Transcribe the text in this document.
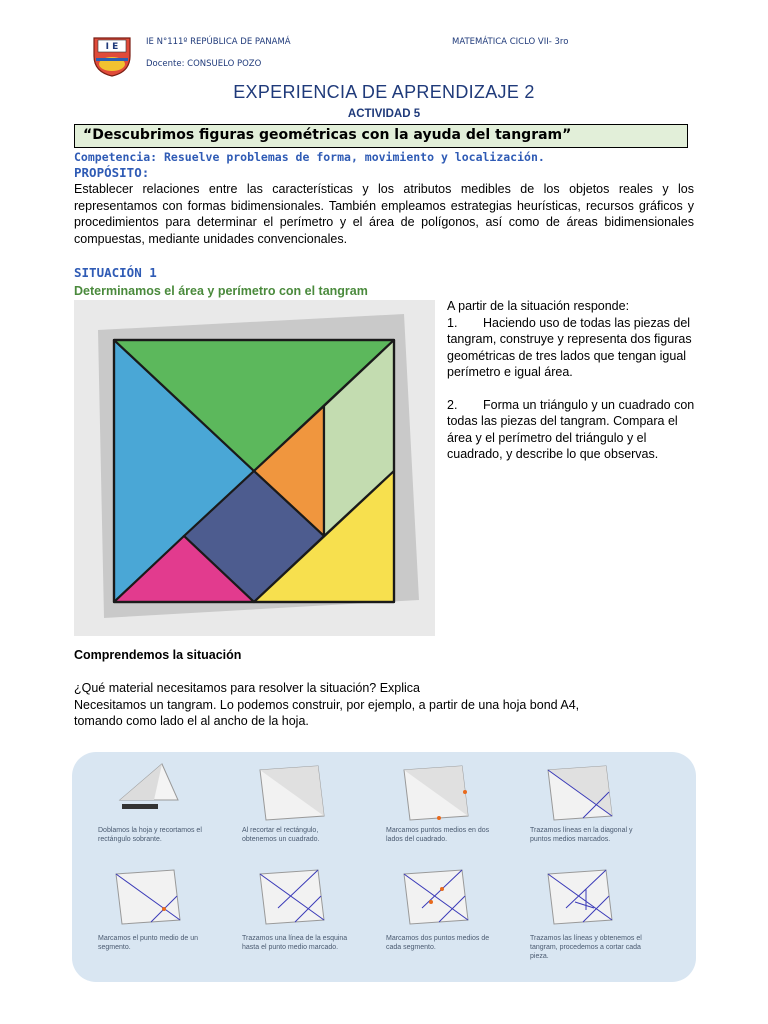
I E	IE N°111º REPÚBLICA DE PANAMÁ
Docente: CONSUELO POZO
MATEMÁTICA CICLO VII- 3ro
EXPERIENCIA DE APRENDIZAJE 2
ACTIVIDAD 5
“Descubrimos figuras geométricas con la ayuda del tangram”
Competencia: Resuelve problemas de forma, movimiento y localización.
PROPÓSITO:
Establecer relaciones entre las características y los atributos medibles de los objetos reales y los representamos con formas bidimensionales. También empleamos estrategias heurísticas, recursos gráficos y procedimientos para determinar el perímetro y el área de polígonos, así como de áreas bidimensionales compuestas, mediante unidades convencionales.
SITUACIÓN 1
Determinamos el área y perímetro con el tangram

A partir de la situación responde:

1. Haciendo uso de todas las piezas del tangram, construye y representa dos figuras geométricas de tres lados que tengan igual perímetro e igual área.

2. Forma un triángulo y un cuadrado con todas las piezas del tangram. Compara el área y el perímetro del triángulo y el cuadrado, y describe lo que observas.

Comprendemos la situación
¿Qué material necesitamos para resolver la situación? Explica
Necesitamos un tangram. Lo podemos construir, por ejemplo, a partir de una hoja bond A4, tomando como lado el al ancho de la hoja.
Doblamos la hoja y recortamos el rectángulo sobrante.
Al recortar el rectángulo, obtenemos un cuadrado.
Marcamos puntos medios en dos lados del cuadrado.
Trazamos líneas en la diagonal y puntos medios marcados.
Marcamos el punto medio de un segmento.
Trazamos una línea de la esquina hasta el punto medio marcado.
Marcamos dos puntos medios de cada segmento.
Trazamos las líneas y obtenemos el tangram, procedemos a cortar cada pieza.
